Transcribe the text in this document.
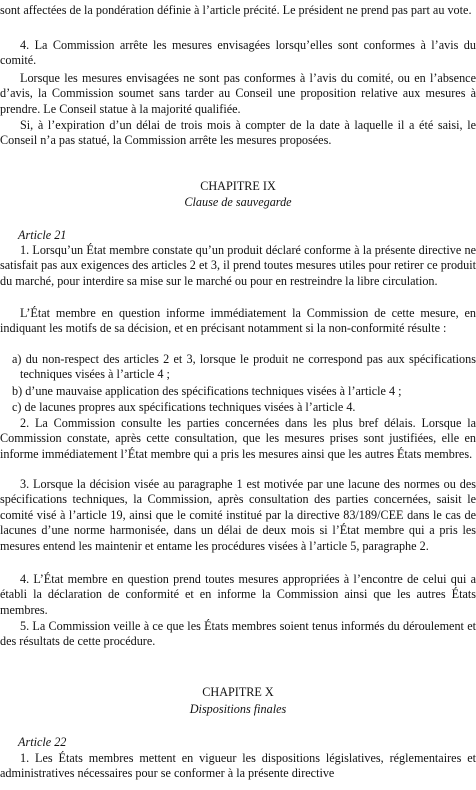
sont affectées de la pondération définie à l’article précité. Le président ne prend pas part au vote.

4. La Commission arrête les mesures envisagées lorsqu’elles sont conformes à l’avis du comité.

Lorsque les mesures envisagées ne sont pas conformes à l’avis du comité, ou en l’absence d’avis, la Commission soumet sans tarder au Conseil une proposition relative aux mesures à prendre. Le Conseil statue à la majorité qualifiée.

Si, à l’expiration d’un délai de trois mois à compter de la date à laquelle il a été saisi, le Conseil n’a pas statué, la Commission arrête les mesures proposées.

CHAPITRE IX

Clause de sauvegarde

Article 21

1. Lorsqu’un État membre constate qu’un produit déclaré conforme à la présente directive ne satisfait pas aux exigences des articles 2 et 3, il prend toutes mesures utiles pour retirer ce produit du marché, pour interdire sa mise sur le marché ou pour en restreindre la libre circulation.

L’État membre en question informe immédiatement la Commission de cette mesure, en indiquant les motifs de sa décision, et en précisant notamment si la non-conformité résulte :

a) du non-respect des articles 2 et 3, lorsque le produit ne correspond pas aux spécifications techniques visées à l’article 4 ;

b) d’une mauvaise application des spécifications techniques visées à l’article 4 ;

c) de lacunes propres aux spécifications techniques visées à l’article 4.

2. La Commission consulte les parties concernées dans les plus bref délais. Lorsque la Commission constate, après cette consultation, que les mesures prises sont justifiées, elle en informe immédiatement l’État membre qui a pris les mesures ainsi que les autres États membres.

3. Lorsque la décision visée au paragraphe 1 est motivée par une lacune des normes ou des spécifications techniques, la Commission, après consultation des parties concernées, saisit le comité visé à l’article 19, ainsi que le comité institué par la directive 83/189/CEE dans le cas de lacunes d’une norme harmonisée, dans un délai de deux mois si l’État membre qui a pris les mesures entend les maintenir et entame les procédures visées à l’article 5, paragraphe 2.

4. L’État membre en question prend toutes mesures appropriées à l’encontre de celui qui a établi la déclaration de conformité et en informe la Commission ainsi que les autres États membres.

5. La Commission veille à ce que les États membres soient tenus informés du déroulement et des résultats de cette procédure.

CHAPITRE X

Dispositions finales

Article 22

1. Les États membres mettent en vigueur les dispositions législatives, réglementaires et administratives nécessaires pour se conformer à la présente directive
